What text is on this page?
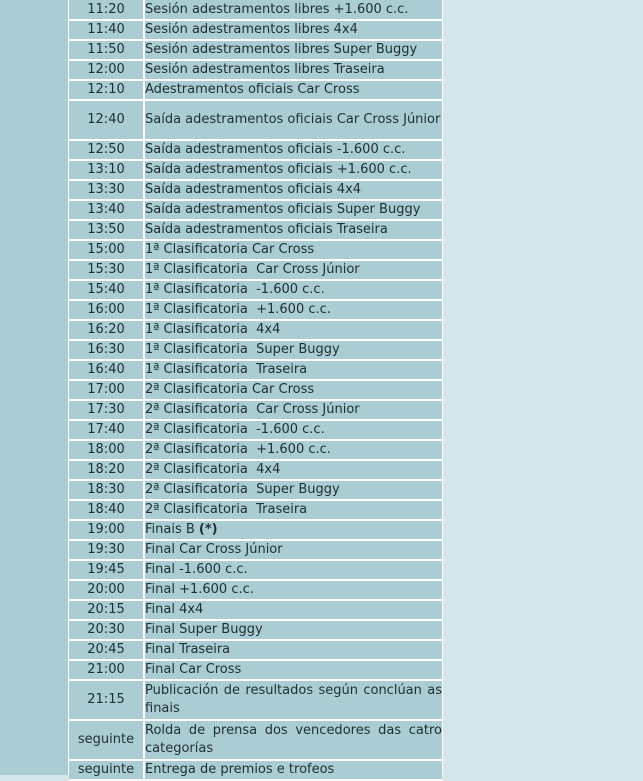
11:20	Sesión adestramentos libres +1.600 c.c.
11:40	Sesión adestramentos libres 4x4
11:50	Sesión adestramentos libres Super Buggy
12:00	Sesión adestramentos libres Traseira
12:10	Adestramentos oficiais Car Cross
12:40	Saída adestramentos oficiais Car Cross Júnior
12:50	Saída adestramentos oficiais -1.600 c.c.
13:10	Saída adestramentos oficiais +1.600 c.c.
13:30	Saída adestramentos oficiais 4x4
13:40	Saída adestramentos oficiais Super Buggy
13:50	Saída adestramentos oficiais Traseira
15:00	1ª Clasificatoria Car Cross
15:30	1ª Clasificatoria  Car Cross Júnior
15:40	1ª Clasificatoria  -1.600 c.c.
16:00	1ª Clasificatoria  +1.600 c.c.
16:20	1ª Clasificatoria  4x4
16:30	1ª Clasificatoria  Super Buggy
16:40	1ª Clasificatoria  Traseira
17:00	2ª Clasificatoria Car Cross
17:30	2ª Clasificatoria  Car Cross Júnior
17:40	2ª Clasificatoria  -1.600 c.c.
18:00	2ª Clasificatoria  +1.600 c.c.
18:20	2ª Clasificatoria  4x4
18:30	2ª Clasificatoria  Super Buggy
18:40	2ª Clasificatoria  Traseira
19:00	Finais B (*)
19:30	Final Car Cross Júnior
19:45	Final -1.600 c.c.
20:00	Final +1.600 c.c.
20:15	Final 4x4
20:30	Final Super Buggy
20:45	Final Traseira
21:00	Final Car Cross
21:15	Publicación de resultados según conclúan as finais
seguinte	Rolda de prensa dos vencedores das catro categorías
seguinte	Entrega de premios e trofeos
